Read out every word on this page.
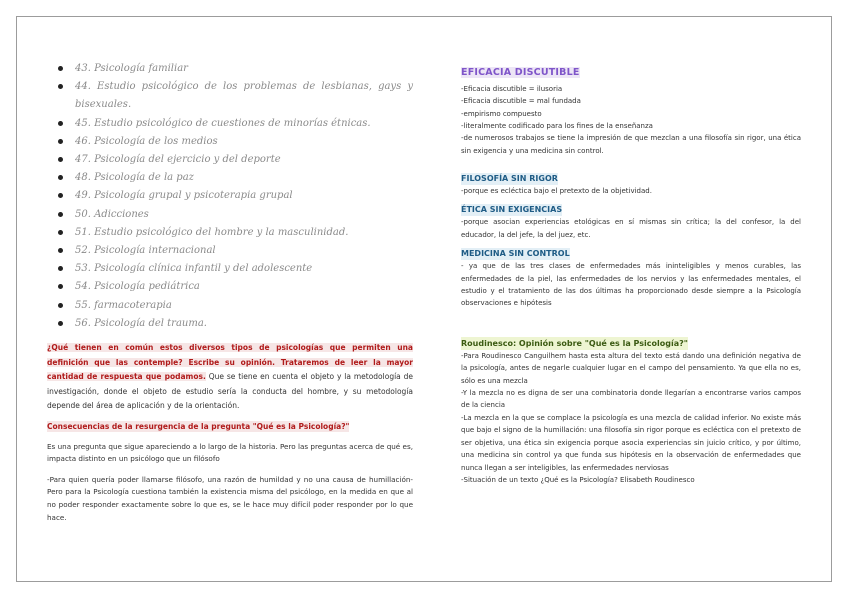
43. Psicología familiar
44. Estudio psicológico de los problemas de lesbianas, gays y bisexuales.
45. Estudio psicológico de cuestiones de minorías étnicas.
46. Psicología de los medios
47. Psicología del ejercicio y del deporte
48. Psicología de la paz
49. Psicología grupal y psicoterapia grupal
50. Adicciones
51. Estudio psicológico del hombre y la masculinidad.
52. Psicología internacional
53. Psicología clínica infantil y del adolescente
54. Psicología pediátrica
55. farmacoterapia
56. Psicología del trauma.
¿Qué tienen en común estos diversos tipos de psicologías que permiten una definición que las contemple? Escribe su opinión. Trataremos de leer la mayor cantidad de respuesta que podamos. Que se tiene en cuenta el objeto y la metodología de investigación, donde el objeto de estudio sería la conducta del hombre, y su metodología depende del área de aplicación y de la orientación.
Consecuencias de la resurgencia de la pregunta "Qué es la Psicología?"
Es una pregunta que sigue apareciendo a lo largo de la historia. Pero las preguntas acerca de qué es, impacta distinto en un psicólogo que un filósofo
-Para quien quería poder llamarse filósofo, una razón de humildad y no una causa de humillación- Pero para la Psicología cuestiona también la existencia misma del psicólogo, en la medida en que al no poder responder exactamente sobre lo que es, se le hace muy difícil poder responder por lo que hace.
EFICACIA DISCUTIBLE
-Eficacia discutible = ilusoria
-Eficacia discutible = mal fundada
-empirismo compuesto
-literalmente codificado para los fines de la enseñanza
-de numerosos trabajos se tiene la impresión de que mezclan a una filosofía sin rigor, una ética sin exigencia y una medicina sin control.
FILOSOFÍA SIN RIGOR
-porque es ecléctica bajo el pretexto de la objetividad.
ÉTICA SIN EXIGENCIAS
-porque asocian experiencias etológicas en sí mismas sin crítica; la del confesor, la del educador, la del jefe, la del juez, etc.
MEDICINA SIN CONTROL
- ya que de las tres clases de enfermedades más ininteligibles y menos curables, las enfermedades de la piel, las enfermedades de los nervios y las enfermedades mentales, el estudio y el tratamiento de las dos últimas ha proporcionado desde siempre a la Psicología observaciones e hipótesis
Roudinesco: Opinión sobre "Qué es la Psicología?"
-Para Roudinesco Canguilhem hasta esta altura del texto está dando una definición negativa de la psicología, antes de negarle cualquier lugar en el campo del pensamiento. Ya que ella no es, sólo es una mezcla
-Y la mezcla no es digna de ser una combinatoria donde llegarían a encontrarse varios campos de la ciencia
-La mezcla en la que se complace la psicología es una mezcla de calidad inferior. No existe más que bajo el signo de la humillación: una filosofía sin rigor porque es ecléctica con el pretexto de ser objetiva, una ética sin exigencia porque asocia experiencias sin juicio crítico, y por último, una medicina sin control ya que funda sus hipótesis en la observación de enfermedades que nunca llegan a ser inteligibles, las enfermedades nerviosas
-Situación de un texto ¿Qué es la Psicología? Elisabeth Roudinesco
